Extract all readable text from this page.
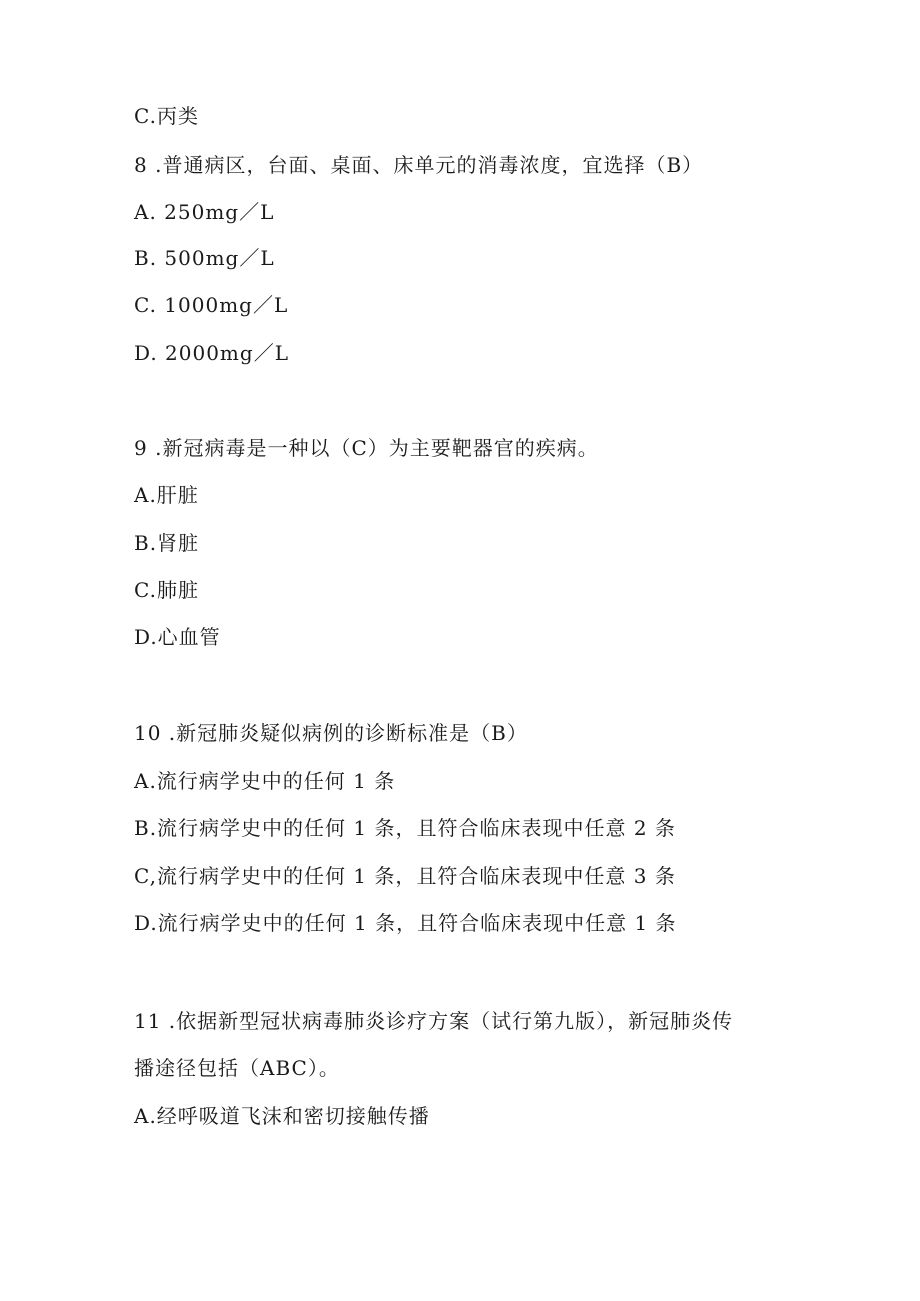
C.丙类
8 .普通病区，台面、桌面、床单元的消毒浓度，宜选择（B）
A. 250mg／L
B. 500mg／L
C. 1000mg／L
D. 2000mg／L
9 .新冠病毒是一种以（C）为主要靶器官的疾病。
A.肝脏
B.肾脏
C.肺脏
D.心血管
10 .新冠肺炎疑似病例的诊断标准是（B）
A.流行病学史中的任何 1 条
B.流行病学史中的任何 1 条，且符合临床表现中任意 2 条
C,流行病学史中的任何 1 条，且符合临床表现中任意 3 条
D.流行病学史中的任何 1 条，且符合临床表现中任意 1 条
11 .依据新型冠状病毒肺炎诊疗方案（试行第九版），新冠肺炎传
播途径包括（ABC）。
A.经呼吸道飞沫和密切接触传播
